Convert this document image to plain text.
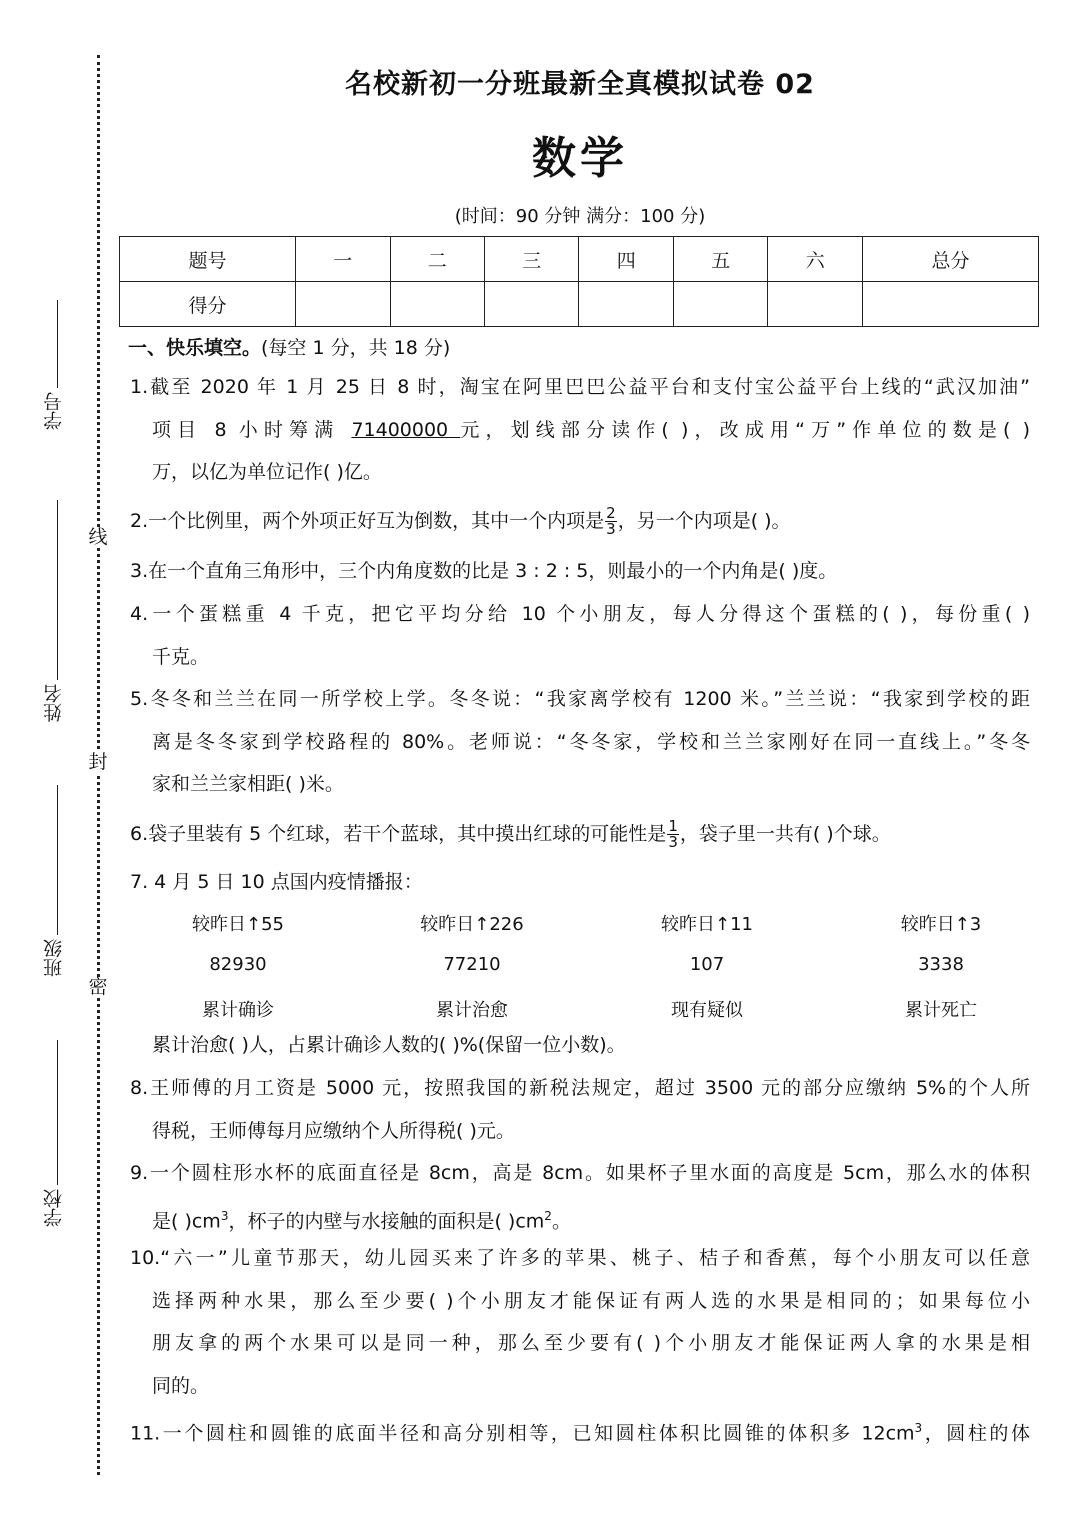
线
封
密
学号
姓名
班级
学校
名校新初一分班最新全真模拟试卷 02
数学
(时间：90 分钟 满分：100 分)
题号	一	二	三	四	五	六	总分
得分							
一、快乐填空。(每空 1 分，共 18 分)

1.截至 2020 年 1 月 25 日 8 时，淘宝在阿里巴巴公益平台和支付宝公益平台上线的“武汉加油”

项目 8 小时筹满 71400000 元，划线部分读作( )，改成用“万”作单位的数是( )

万，以亿为单位记作( )亿。

2.一个比例里，两个外项正好互为倒数，其中一个内项是 $\frac{2}{3}$ ，另一个内项是( )。

3.在一个直角三角形中，三个内角度数的比是 3 : 2 : 5，则最小的一个内角是( )度。

4.一个蛋糕重 4 千克，把它平均分给 10 个小朋友，每人分得这个蛋糕的( )，每份重( )

千克。

5.冬冬和兰兰在同一所学校上学。冬冬说：“我家离学校有 1200 米。”兰兰说：“我家到学校的距

离是冬冬家到学校路程的 80%。老师说：“冬冬家，学校和兰兰家刚好在同一直线上。”冬冬

家和兰兰家相距( )米。

6.袋子里装有 5 个红球，若干个蓝球，其中摸出红球的可能性是 $\frac{1}{3}$ ，袋子里一共有( )个球。

7. 4 月 5 日 10 点国内疫情播报：

较昨日↑55	较昨日↑226	较昨日↑11	较昨日↑3
82930	77210	107	3338
累计确诊	累计治愈	现有疑似	累计死亡

累计治愈( )人，占累计确诊人数的( )%(保留一位小数)。

8.王师傅的月工资是 5000 元，按照我国的新税法规定，超过 3500 元的部分应缴纳 5%的个人所

得税，王师傅每月应缴纳个人所得税( )元。

9.一个圆柱形水杯的底面直径是 8cm，高是 8cm。如果杯子里水面的高度是 5cm，那么水的体积

是( )$cm^3$，杯子的内壁与水接触的面积是( )$cm^2$。

10.“六一”儿童节那天，幼儿园买来了许多的苹果、桃子、桔子和香蕉，每个小朋友可以任意

选择两种水果，那么至少要( )个小朋友才能保证有两人选的水果是相同的；如果每位小

朋友拿的两个水果可以是同一种，那么至少要有( )个小朋友才能保证两人拿的水果是相

同的。

11.一个圆柱和圆锥的底面半径和高分别相等，已知圆柱体积比圆锥的体积多 $12cm^3$，圆柱的体
